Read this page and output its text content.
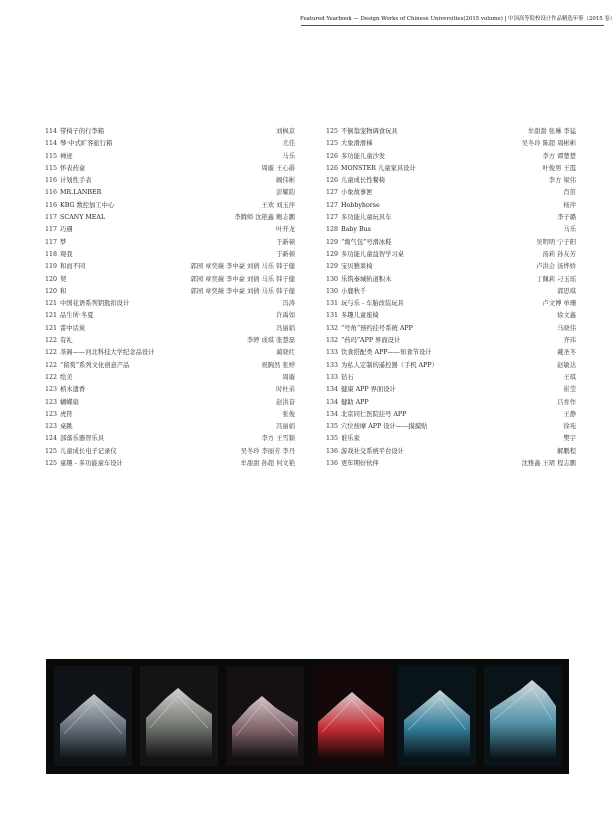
Featured Yearbook — Design Works of Chinese Universities(2015 volume) | 中国高等院校设计作品精选年鉴（2015 卷）
114 带椅子的行李箱	刘枫京
114 琴·中式旷客旅行箱	尤佳
115 禅迹	马乐
115 怀表药盒	周璇 王心爵
116 计划性手表	阚伟彬
116 MR.LANBER	彭耀韵
116 KBG 数控加工中心	王欢 刘玉萍
117 SCANY MEAL	李腾师 沈艳鑫 鲍志鹏
117 巧遇	叶开龙
117 梦	于新顿
118 观我	于新顿
119 和而不同	郭园 章奕薇 李中豪 刘倩 马乐 韩子健
120 契	郭园 章奕薇 李中豪 刘倩 马乐 韩子健
120 和	郭园 章奕薇 李中豪 刘倩 马乐 韩子健
121 中国花语系列钥匙扣设计	冯涛
121 品生所·冬夏	许禹如
121 雷中话炭	冯丽娟
122 有礼	李婷 成琪 张慧磊
122 茶阁——河北科技大学纪念品设计	蔺晓红
122 “留赏”系列文化创意产品	祝胸然 张婷
122 绘美	周璇
123 桢木遗香	时杜弟
123 蝴蝶扇	赵洪奋
123 虎符	张俊
123 桌跳	冯丽娟
124 部落乐器智乐具	李方 王雪颖
125 儿童成长电子记录仪	吴冬玲 李丽芳 李丹
125 童趣 - 多功能童车设计	牟甜甜 孙超 何文艳
125 不倒翁宠物调食玩具	牟甜甜 张琳 李猛
125 大象滑滑梯	吴冬玲 陈超 周彬彬
126 多功能儿童沙发	李方 谭楚楚
126 MONSTER 儿童家具设计	叶俊男 王霞
126 儿童成长性餐椅	李方 梁伟
127 小象故事匣	肖笛
127 Hobbyhorse	杨萍
127 多功能儿童玩具车	李子璐
128 Baby Bus	马乐
129 “淘气包”号滑冰鞋	吴明明 宁子阳
129 多功能儿童益智学习桌	汤莉 孙友芳
129 宝贝雅莱椅	卢洪会 汤烨娇
130 乐筑秦城轨道积木	丁佩莉 刁玉瑶
130 小鹿秋千	郭思琪
131 玩与乐 - 车胎改装玩具	卢文博 单珊
131 多趣儿童座椅	徐文鑫
132 “号角”预约挂号系统 APP	马晓伟
132 “药玛”APP 界面设计	齐玮
133 饮食搭配类 APP——知食节设计	戴圣冬
133 为私人定制的遥控器（手机 APP）	赵敏达
133 钻石	王琪
134 健康 APP 界面设计	崔莹
134 健助 APP	吕育作
134 北京同仁医院挂号 APP	王静
135 穴位按摩 APP 设计——摸摸贴	徐苑
135 谁乐家	樊宇
136 游戏社交系统平台设计	解鹏程
136 更年期好伙伴	沈雅鑫 王珺 程志鹏
